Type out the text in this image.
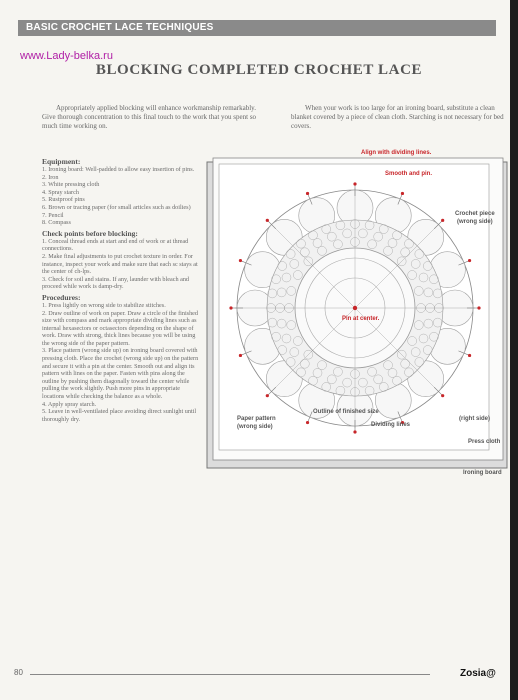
BASIC CROCHET LACE TECHNIQUES
www.Lady-belka.ru
BLOCKING COMPLETED CROCHET LACE
Appropriately applied blocking will enhance workmanship remarkably. Give thorough concentration to this final touch to the work that you spent so much time working on.
When your work is too large for an ironing board, substitute a clean blanket covered by a piece of clean cloth. Starching is not necessary for bed covers.
Equipment:

1. Ironing board: Well-padded to allow easy insertion of pins.

2. Iron

3. White pressing cloth

4. Spray starch

5. Rustproof pins

6. Brown or tracing paper (for small articles such as doilies)

7. Pencil

8. Compass

Check points before blocking:

1. Conceal thread ends at start and end of work or at thread connections.

2. Make final adjustments to put crochet texture in order. For instance, inspect your work and make sure that each sc stays at the center of ch-lps.

3. Check for soil and stains. If any, launder with bleach and proceed while work is damp-dry.

Procedures:

1. Press lightly on wrong side to stabilize stitches.

2. Draw outline of work on paper. Draw a circle of the finished size with compass and mark appropriate dividing lines such as internal hexasectors or octasectors depending on the shape of work. Draw with strong, thick lines because you will be using the wrong side of the paper pattern.

3. Place pattern (wrong side up) on ironing board covered with pressing cloth. Place the crochet (wrong side up) on the pattern and secure it with a pin at the center. Smooth out and align its pattern with lines on the paper. Fasten with pins along the outline by pushing them diagonally toward the center while pulling the work slightly. Push more pins in appropriate locations while checking the balance as a whole.

4. Apply spray starch.

5. Leave in well-ventilated place avoiding direct sunlight until thoroughly dry.

Align with dividing lines.
Smooth and pin.
Crochet piece
(wrong side)
Pin at center.
Paper pattern
(wrong side)
Outline of finished size
Dividing lines
(right side)
Press cloth
Ironing board
80	Zosia@
